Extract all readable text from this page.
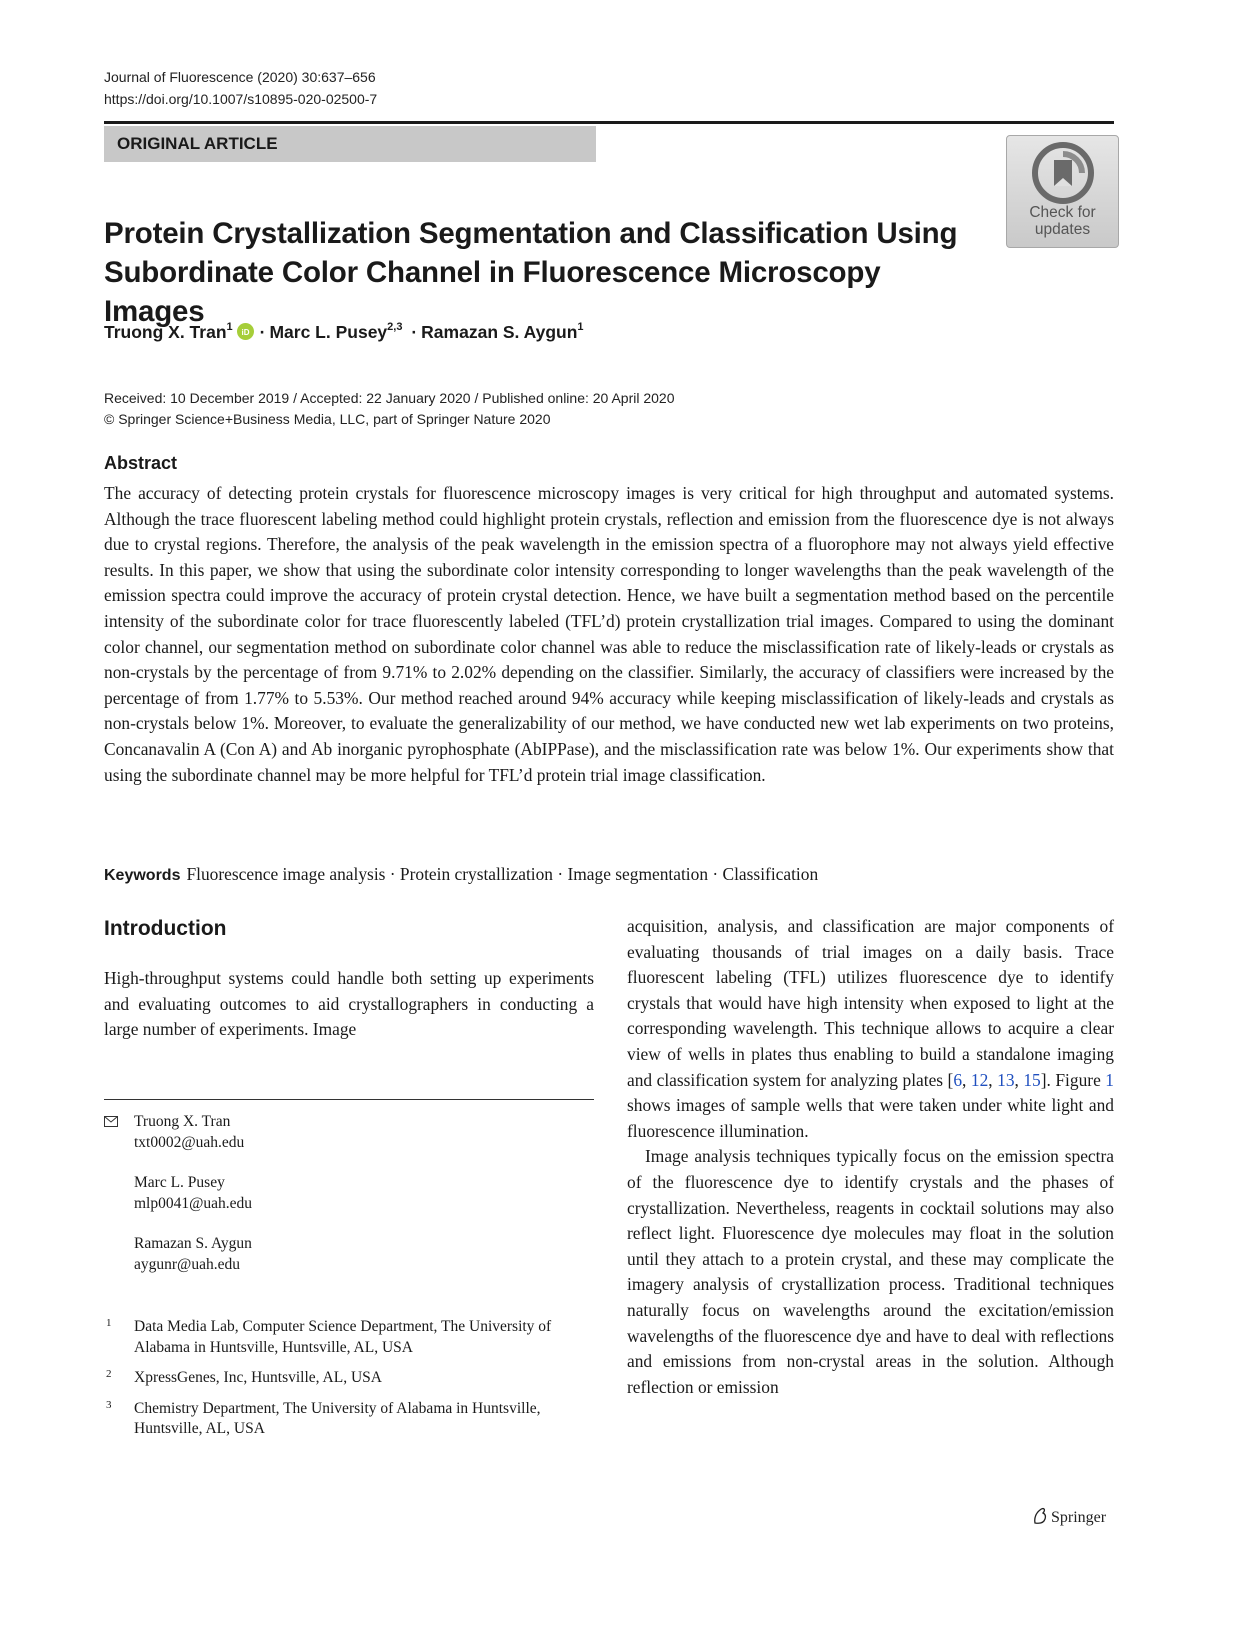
Journal of Fluorescence (2020) 30:637–656
https://doi.org/10.1007/s10895-020-02500-7
ORIGINAL ARTICLE
Check for
updates
Protein Crystallization Segmentation and Classification Using
Subordinate Color Channel in Fluorescence Microscopy Images
Truong X. Tran$^1$ iD · Marc L. Pusey$^{2,3}$ · Ramazan S. Aygun$^1$
Received: 10 December 2019 / Accepted: 22 January 2020 / Published online: 20 April 2020
© Springer Science+Business Media, LLC, part of Springer Nature 2020
Abstract
The accuracy of detecting protein crystals for fluorescence microscopy images is very critical for high throughput and automated systems. Although the trace fluorescent labeling method could highlight protein crystals, reflection and emission from the fluorescence dye is not always due to crystal regions. Therefore, the analysis of the peak wavelength in the emission spectra of a fluorophore may not always yield effective results. In this paper, we show that using the subordinate color intensity corresponding to longer wavelengths than the peak wavelength of the emission spectra could improve the accuracy of protein crystal detection. Hence, we have built a segmentation method based on the percentile intensity of the subordinate color for trace fluorescently labeled (TFL’d) protein crystallization trial images. Compared to using the dominant color channel, our segmentation method on subordinate color channel was able to reduce the misclassification rate of likely-leads or crystals as non-crystals by the percentage of from 9.71% to 2.02% depending on the classifier. Similarly, the accuracy of classifiers were increased by the percentage of from 1.77% to 5.53%. Our method reached around 94% accuracy while keeping misclassification of likely-leads and crystals as non-crystals below 1%. Moreover, to evaluate the generalizability of our method, we have conducted new wet lab experiments on two proteins, Concanavalin A (Con A) and Ab inorganic pyrophosphate (AbIPPase), and the misclassification rate was below 1%. Our experiments show that using the subordinate channel may be more helpful for TFL’d protein trial image classification.
Keywords Fluorescence image analysis · Protein crystallization · Image segmentation · Classification
Introduction

High-throughput systems could handle both setting up experiments and evaluating outcomes to aid crystallographers in conducting a large number of experiments. Image

acquisition, analysis, and classification are major components of evaluating thousands of trial images on a daily basis. Trace fluorescent labeling (TFL) utilizes fluorescence dye to identify crystals that would have high intensity when exposed to light at the corresponding wavelength. This technique allows to acquire a clear view of wells in plates thus enabling to build a standalone imaging and classification system for analyzing plates [6, 12, 13, 15]. Figure 1 shows images of sample wells that were taken under white light and fluorescence illumination.

Image analysis techniques typically focus on the emission spectra of the fluorescence dye to identify crystals and the phases of crystallization. Nevertheless, reagents in cocktail solutions may also reflect light. Fluorescence dye molecules may float in the solution until they attach to a protein crystal, and these may complicate the imagery analysis of crystallization process. Traditional techniques naturally focus on wavelengths around the excitation/emission wavelengths of the fluorescence dye and have to deal with reflections and emissions from non-crystal areas in the solution. Although reflection or emission

Truong X. Tran
txt0002@uah.edu
Marc L. Pusey
mlp0041@uah.edu
Ramazan S. Aygun
aygunr@uah.edu
1 Data Media Lab, Computer Science Department, The University of Alabama in Huntsville, Huntsville, AL, USA
2 XpressGenes, Inc, Huntsville, AL, USA
3 Chemistry Department, The University of Alabama in Huntsville, Huntsville, AL, USA
Springer
